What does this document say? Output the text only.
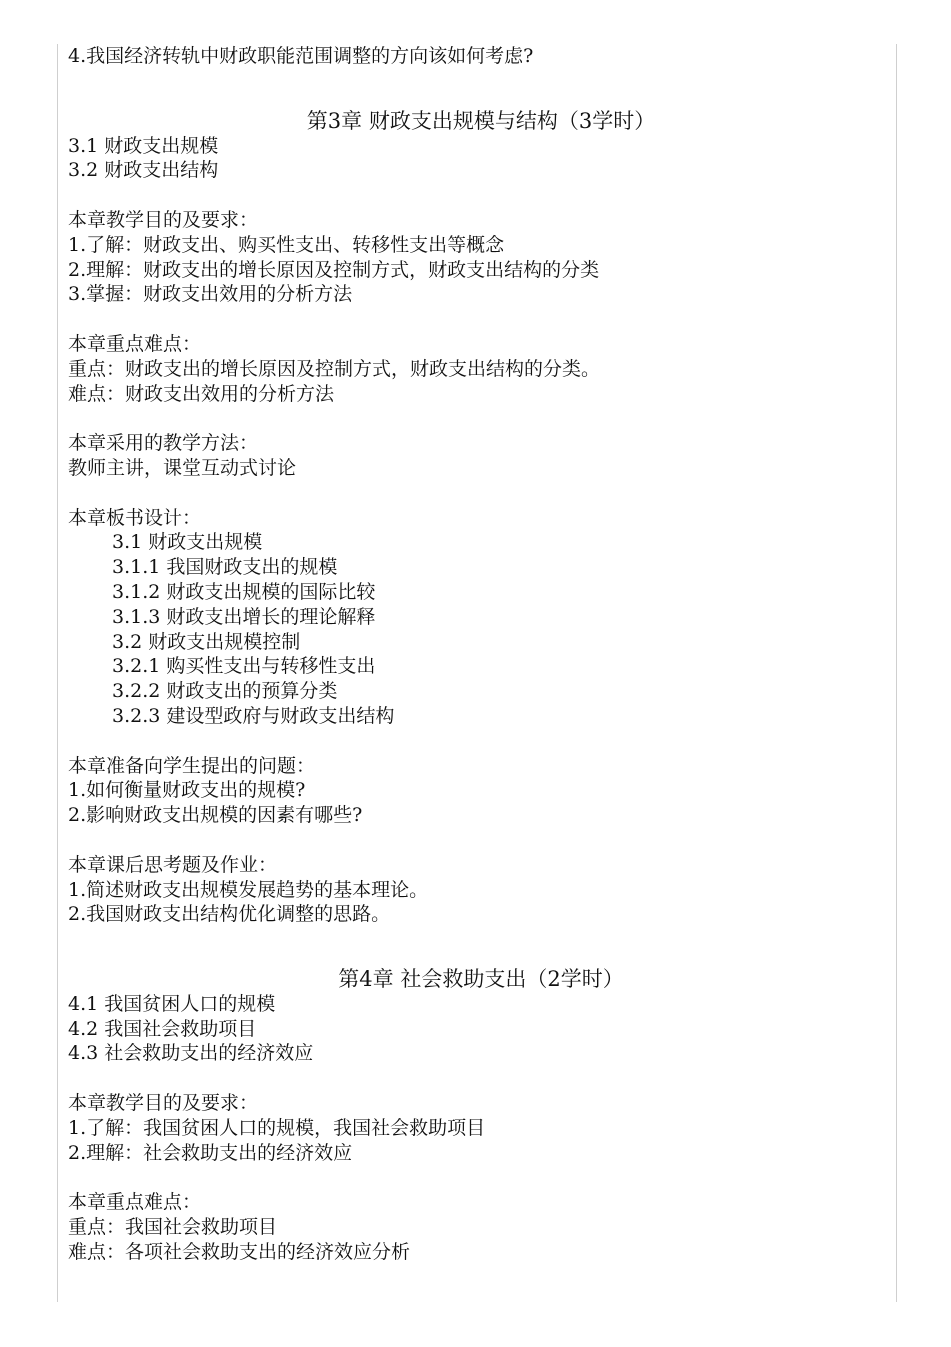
4.我国经济转轨中财政职能范围调整的方向该如何考虑?
第3章 财政支出规模与结构（3学时）
3.1 财政支出规模
3.2 财政支出结构
本章教学目的及要求：
1.了解：财政支出、购买性支出、转移性支出等概念
2.理解：财政支出的增长原因及控制方式，财政支出结构的分类
3.掌握：财政支出效用的分析方法
本章重点难点：
重点：财政支出的增长原因及控制方式，财政支出结构的分类。
难点：财政支出效用的分析方法
本章采用的教学方法：
教师主讲，课堂互动式讨论
本章板书设计：
3.1 财政支出规模
3.1.1 我国财政支出的规模
3.1.2 财政支出规模的国际比较
3.1.3 财政支出增长的理论解释
3.2 财政支出规模控制
3.2.1 购买性支出与转移性支出
3.2.2 财政支出的预算分类
3.2.3 建设型政府与财政支出结构
本章准备向学生提出的问题：
1.如何衡量财政支出的规模?
2.影响财政支出规模的因素有哪些?
本章课后思考题及作业：
1.简述财政支出规模发展趋势的基本理论。
2.我国财政支出结构优化调整的思路。
第4章 社会救助支出（2学时）
4.1 我国贫困人口的规模
4.2 我国社会救助项目
4.3 社会救助支出的经济效应
本章教学目的及要求：
1.了解：我国贫困人口的规模，我国社会救助项目
2.理解：社会救助支出的经济效应
本章重点难点：
重点：我国社会救助项目
难点：各项社会救助支出的经济效应分析
